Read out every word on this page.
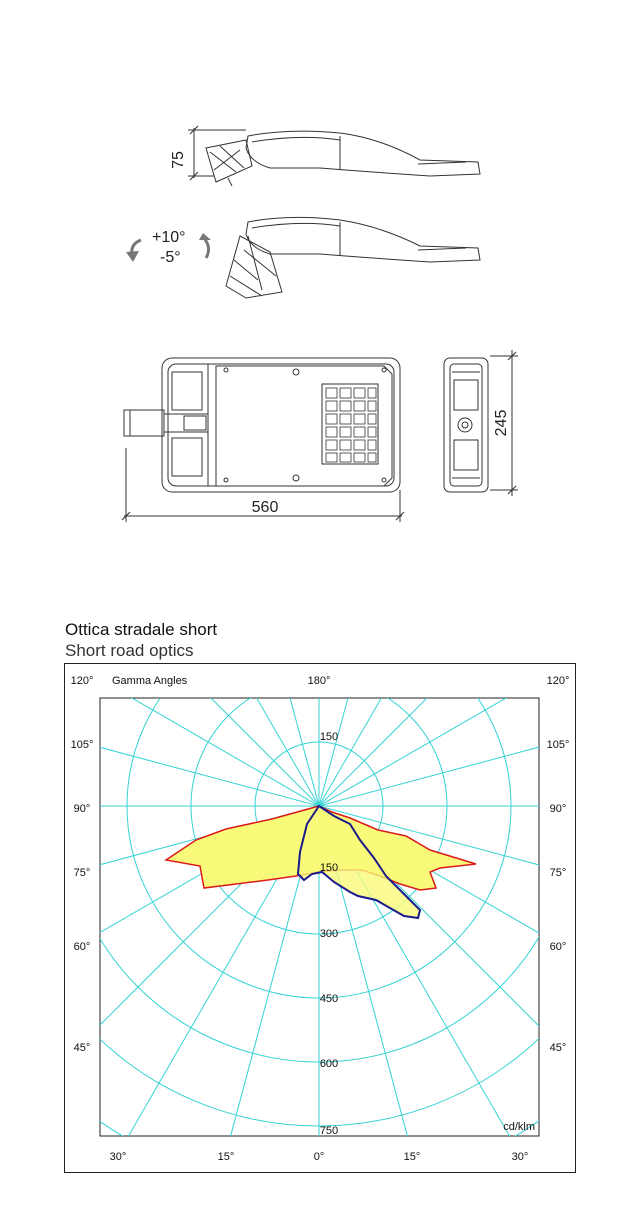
75
+10°
-5°
560
245
Ottica stradale short
Short road optics
120°	180°	120°
Gamma Angles
105°
90°
75°
60°
45°
105°
90°
75°
60°
45°
30°	15°	0°	15°	30°
150
150
300
450
600
750	cd/klm
